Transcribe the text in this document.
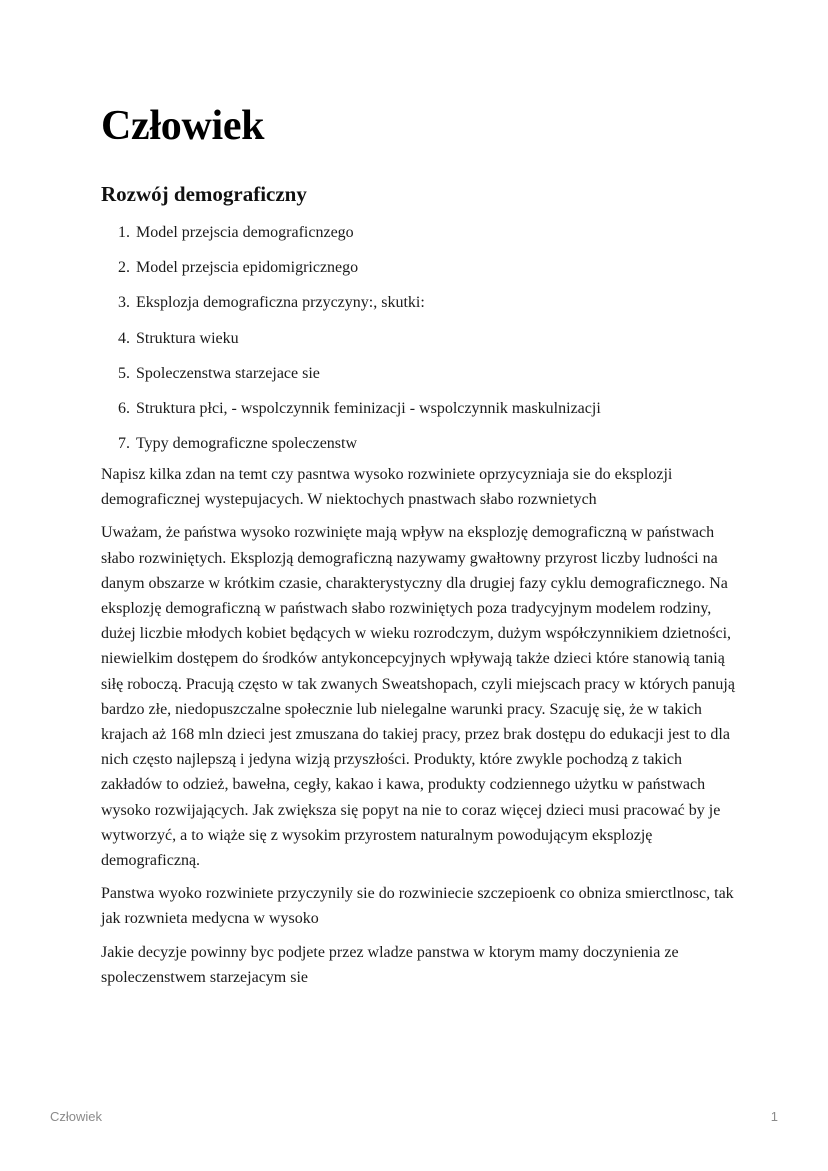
Człowiek
Rozwój demograficzny
1 . Model przejscia demograficnzego
2 . Model przejscia epidomigricznego
3 . Eksplozja demograficzna przyczyny:, skutki:
4 . Struktura wieku
5 . Spoleczenstwa starzejace sie
6 . Struktura płci, - wspolczynnik feminizacji - wspolczynnik maskulnizacji
7 . Typy demograficzne spoleczenstw

Napisz kilka zdan na temt czy pasntwa wysoko rozwiniete oprzycyzniaja sie do eksplozji demograficznej wystepujacych. W niektochych pnastwach słabo rozwnietych

Uważam, że państwa wysoko rozwinięte mają wpływ na eksplozję demograficzną w państwach słabo rozwiniętych. Eksplozją demograficzną nazywamy gwałtowny przyrost liczby ludności na danym obszarze w krótkim czasie, charakterystyczny dla drugiej fazy cyklu demograficznego. Na eksplozję demograficzną w państwach słabo rozwiniętych poza tradycyjnym modelem rodziny, dużej liczbie młodych kobiet będących w wieku rozrodczym, dużym współczynnikiem dzietności, niewielkim dostępem do środków antykoncepcyjnych wpływają także dzieci które stanowią tanią siłę roboczą. Pracują często w tak zwanych Sweatshopach, czyli miejscach pracy w których panują bardzo złe, niedopuszczalne społecznie lub nielegalne warunki pracy. Szacuję się, że w takich krajach aż 168 mln dzieci jest zmuszana do takiej pracy, przez brak dostępu do edukacji jest to dla nich często najlepszą i jedyna wizją przyszłości. Produkty, które zwykle pochodzą z takich zakładów to odzież, bawełna, cegły, kakao i kawa, produkty codziennego użytku w państwach wysoko rozwijających. Jak zwiększa się popyt na nie to coraz więcej dzieci musi pracować by je wytworzyć, a to wiąże się z wysokim przyrostem naturalnym powodującym eksplozję demograficzną.

Panstwa wyoko rozwiniete przyczynily sie do rozwiniecie szczepioenk co obniza smierctlnosc, tak jak rozwnieta medycna w wysoko

Jakie decyzje powinny byc podjete przez wladze panstwa w ktorym mamy doczynienia ze spoleczenstwem starzejacym sie

Człowiek	1
